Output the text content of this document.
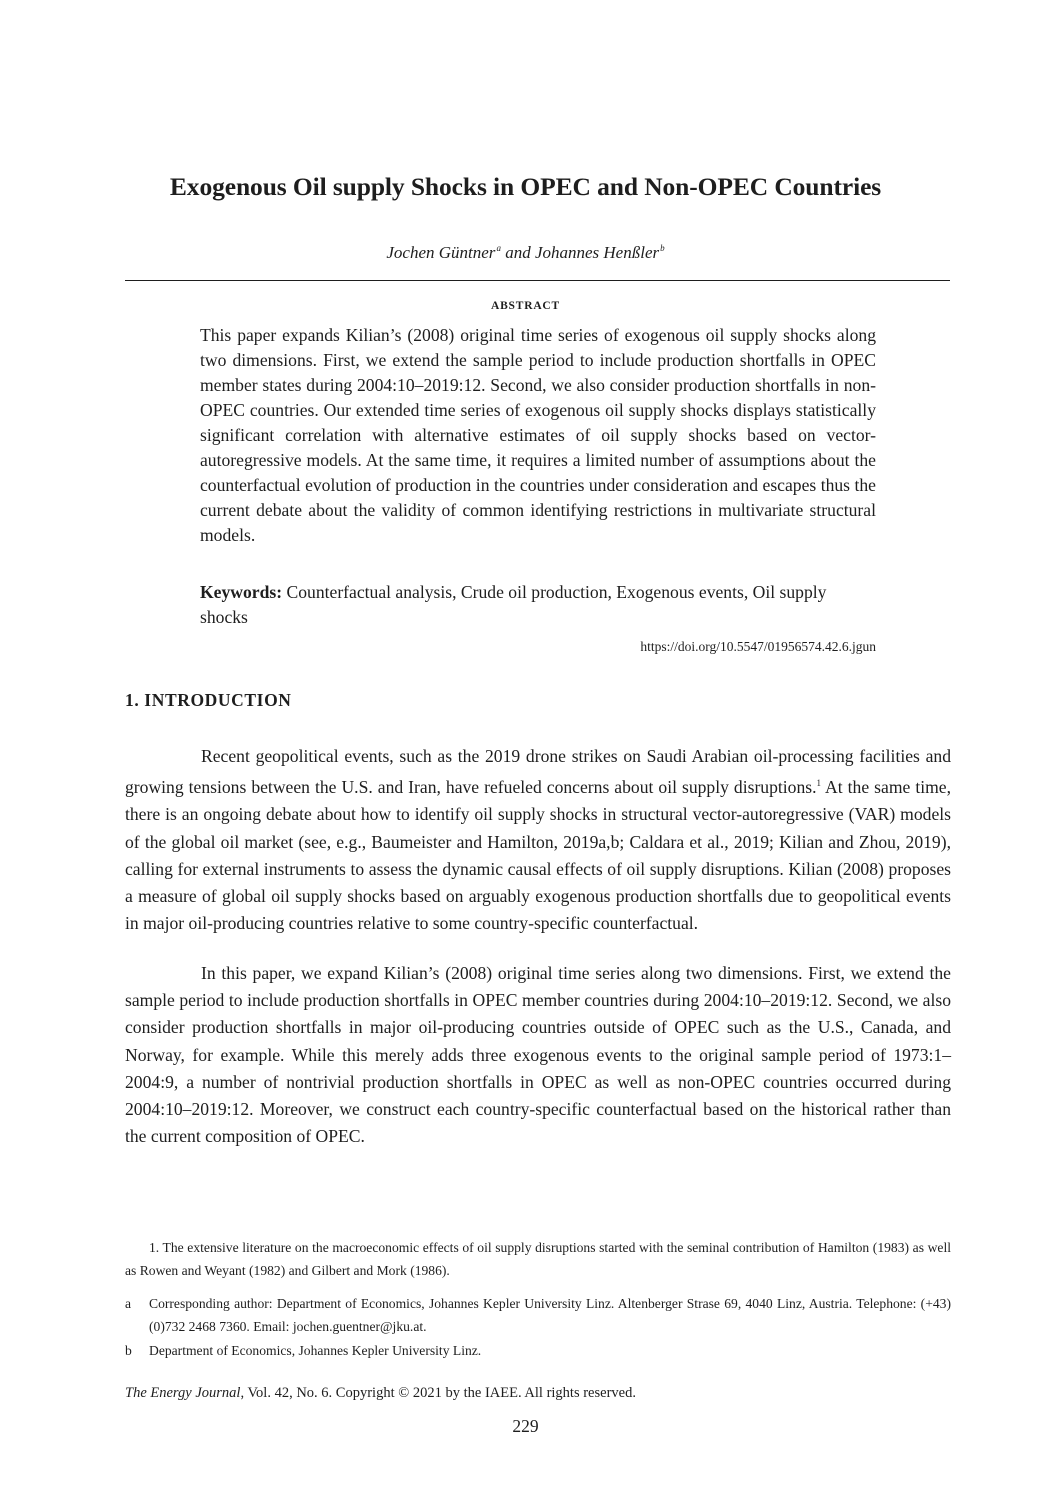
Exogenous Oil supply Shocks in OPEC and Non-OPEC Countries
Jochen Güntner$^a$ and Johannes Henßler$^b$
ABSTRACT

This paper expands Kilian’s (2008) original time series of exogenous oil supply shocks along two dimensions. First, we extend the sample period to include production shortfalls in OPEC member states during 2004:10–2019:12. Second, we also consider production shortfalls in non-OPEC countries. Our extended time series of exogenous oil supply shocks displays statistically significant correlation with alternative estimates of oil supply shocks based on vector-autoregressive models. At the same time, it requires a limited number of assumptions about the counterfactual evolution of production in the countries under consideration and escapes thus the current debate about the validity of common identifying restrictions in multivariate structural models.

Keywords: Counterfactual analysis, Crude oil production, Exogenous events, Oil supply shocks

https://doi.org/10.5547/01956574.42.6.jgun
1. INTRODUCTION

Recent geopolitical events, such as the 2019 drone strikes on Saudi Arabian oil-processing facilities and growing tensions between the U.S. and Iran, have refueled concerns about oil supply disruptions.$^1$ At the same time, there is an ongoing debate about how to identify oil supply shocks in structural vector-autoregressive (VAR) models of the global oil market (see, e.g., Baumeister and Hamilton, 2019a,b; Caldara et al., 2019; Kilian and Zhou, 2019), calling for external instruments to assess the dynamic causal effects of oil supply disruptions. Kilian (2008) proposes a measure of global oil supply shocks based on arguably exogenous production shortfalls due to geopolitical events in major oil-producing countries relative to some country-specific counterfactual.

In this paper, we expand Kilian’s (2008) original time series along two dimensions. First, we extend the sample period to include production shortfalls in OPEC member countries during 2004:10–2019:12. Second, we also consider production shortfalls in major oil-producing countries outside of OPEC such as the U.S., Canada, and Norway, for example. While this merely adds three exogenous events to the original sample period of 1973:1–2004:9, a number of nontrivial production shortfalls in OPEC as well as non-OPEC countries occurred during 2004:10–2019:12. Moreover, we construct each country-specific counterfactual based on the historical rather than the current composition of OPEC.

1. The extensive literature on the macroeconomic effects of oil supply disruptions started with the seminal contribution of Hamilton (1983) as well as Rowen and Weyant (1982) and Gilbert and Mork (1986).

a Corresponding author: Department of Economics, Johannes Kepler University Linz. Altenberger Strase 69, 4040 Linz, Austria. Telephone: (+43)(0)732 2468 7360. Email: jochen.guentner@jku.at.

b Department of Economics, Johannes Kepler University Linz.

The Energy Journal, Vol. 42, No. 6. Copyright © 2021 by the IAEE. All rights reserved.
229
